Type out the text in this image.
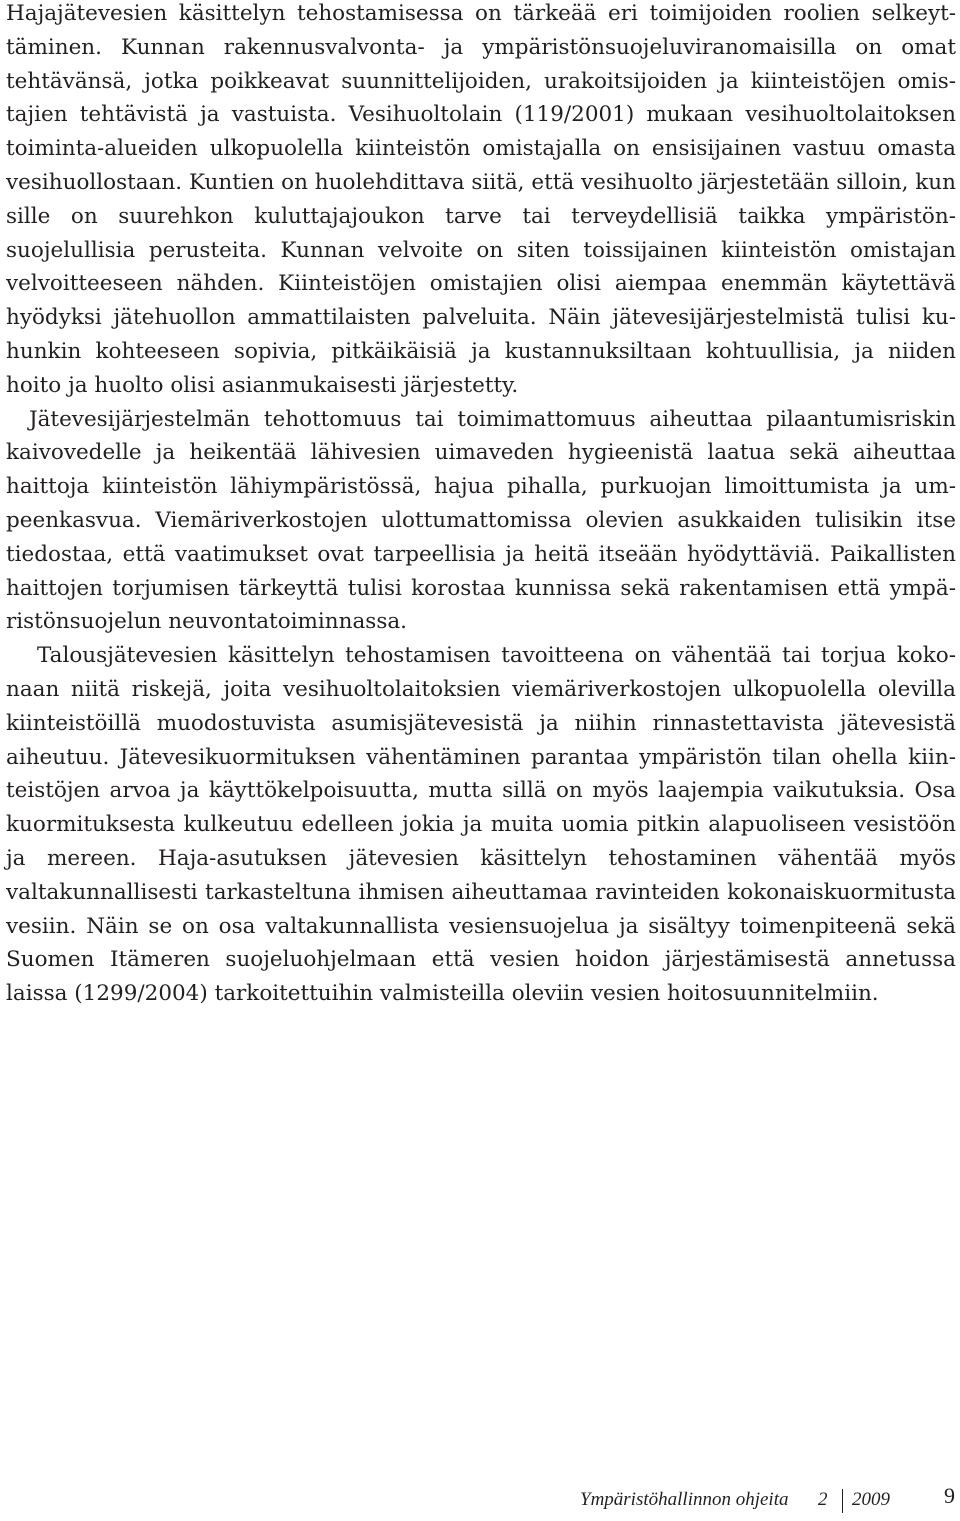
Hajajätevesien käsittelyn tehostamisessa on tärkeää eri toimijoiden roolien selkeyttäminen. Kunnan rakennusvalvonta- ja ympäristönsuojeluviranomaisilla on omat tehtävänsä, jotka poikkeavat suunnittelijoiden, urakoitsijoiden ja kiinteistöjen omistajien tehtävistä ja vastuista. Vesihuoltolain (119/2001) mukaan vesihuoltolaitoksen toiminta-alueiden ulkopuolella kiinteistön omistajalla on ensisijainen vastuu omasta vesihuollostaan. Kuntien on huolehdittava siitä, että vesihuolto järjestetään silloin, kun sille on suurehkon kuluttajajoukon tarve tai terveydellisiä taikka ympäristönsuojelullisia perusteita. Kunnan velvoite on siten toissijainen kiinteistön omistajan velvoitteeseen nähden. Kiinteistöjen omistajien olisi aiempaa enemmän käytettävä hyödyksi jätehuollon ammattilaisten palveluita. Näin jätevesijärjestelmistä tulisi kuhunkin kohteeseen sopivia, pitkäikäisiä ja kustannuksiltaan kohtuullisia, ja niiden hoito ja huolto olisi asianmukaisesti järjestetty.

Jätevesijärjestelmän tehottomuus tai toimimattomuus aiheuttaa pilaantumisriskin kaivovedelle ja heikentää lähivesien uimaveden hygieenistä laatua sekä aiheuttaa haittoja kiinteistön lähiympäristössä, hajua pihalla, purkuojan limoittumista ja umpeenkasvua. Viemäriverkostojen ulottumattomissa olevien asukkaiden tulisikin itse tiedostaa, että vaatimukset ovat tarpeellisia ja heitä itseään hyödyttäviä. Paikallisten haittojen torjumisen tärkeyttä tulisi korostaa kunnissa sekä rakentamisen että ympäristönsuojelun neuvontatoiminnassa.

Talousjätevesien käsittelyn tehostamisen tavoitteena on vähentää tai torjua kokonaan niitä riskejä, joita vesihuoltolaitoksien viemäriverkostojen ulkopuolella olevilla kiinteistöillä muodostuvista asumisjätevesistä ja niihin rinnastettavista jätevesistä aiheutuu. Jätevesikuormituksen vähentäminen parantaa ympäristön tilan ohella kiinteistöjen arvoa ja käyttökelpoisuutta, mutta sillä on myös laajempia vaikutuksia. Osa kuormituksesta kulkeutuu edelleen jokia ja muita uomia pitkin alapuoliseen vesistöön ja mereen. Haja-asutuksen jätevesien käsittelyn tehostaminen vähentää myös valtakunnallisesti tarkasteltuna ihmisen aiheuttamaa ravinteiden kokonaiskuormitusta vesiin. Näin se on osa valtakunnallista vesiensuojelua ja sisältyy toimenpiteenä sekä Suomen Itämeren suojeluohjelmaan että vesien hoidon järjestämisestä annetussa laissa (1299/2004) tarkoitettuihin valmisteilla oleviin vesien hoitosuunnitelmiin.

Ympäristöhallinnon ohjeita 2 2009 9
